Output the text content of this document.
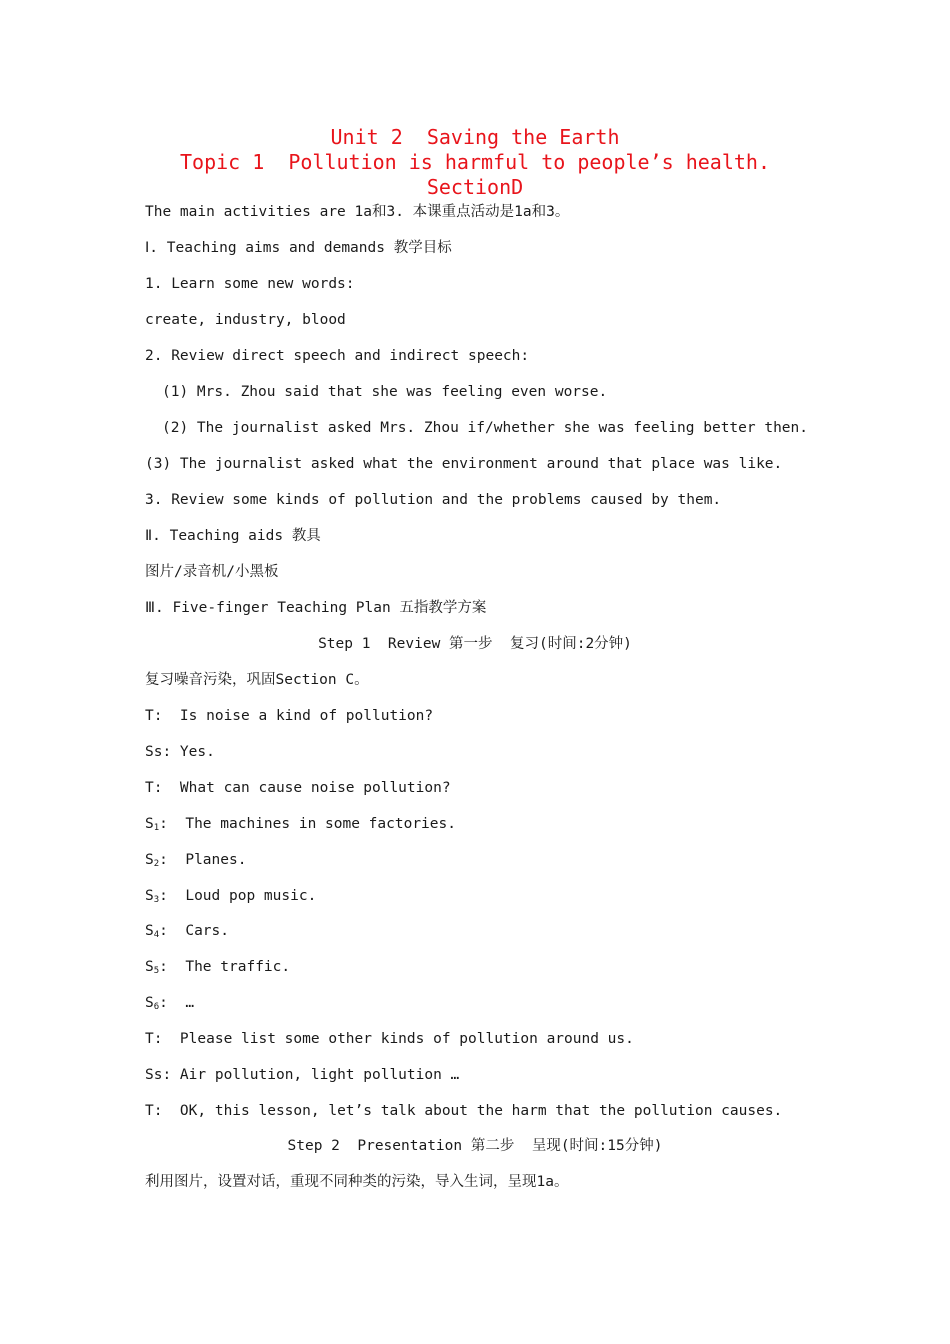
Unit 2  Saving the Earth
Topic 1  Pollution is harmful to people’s health.
SectionD
The main activities are 1a和3. 本课重点活动是1a和3。
Ⅰ. Teaching aims and demands 教学目标
1. Learn some new words:
create, industry, blood
2. Review direct speech and indirect speech:
(1) Mrs. Zhou said that she was feeling even worse.
(2) The journalist asked Mrs. Zhou if/whether she was feeling better then.
(3) The journalist asked what the environment around that place was like.
3. Review some kinds of pollution and the problems caused by them.
Ⅱ. Teaching aids 教具
图片/录音机/小黑板
Ⅲ. Five-finger Teaching Plan 五指教学方案
Step 1  Review 第一步  复习(时间:2分钟)
复习噪音污染，巩固Section C。
T:  Is noise a kind of pollution?
Ss: Yes.
T:  What can cause noise pollution?
$S_1$:  The machines in some factories.
$S_2$:  Planes.
$S_3$:  Loud pop music.
$S_4$:  Cars.
$S_5$:  The traffic.
$S_6$:  …
T:  Please list some other kinds of pollution around us.
Ss: Air pollution, light pollution …
T:  OK, this lesson, let’s talk about the harm that the pollution causes.
Step 2  Presentation 第二步  呈现(时间:15分钟)
利用图片，设置对话，重现不同种类的污染，导入生词，呈现1a。
